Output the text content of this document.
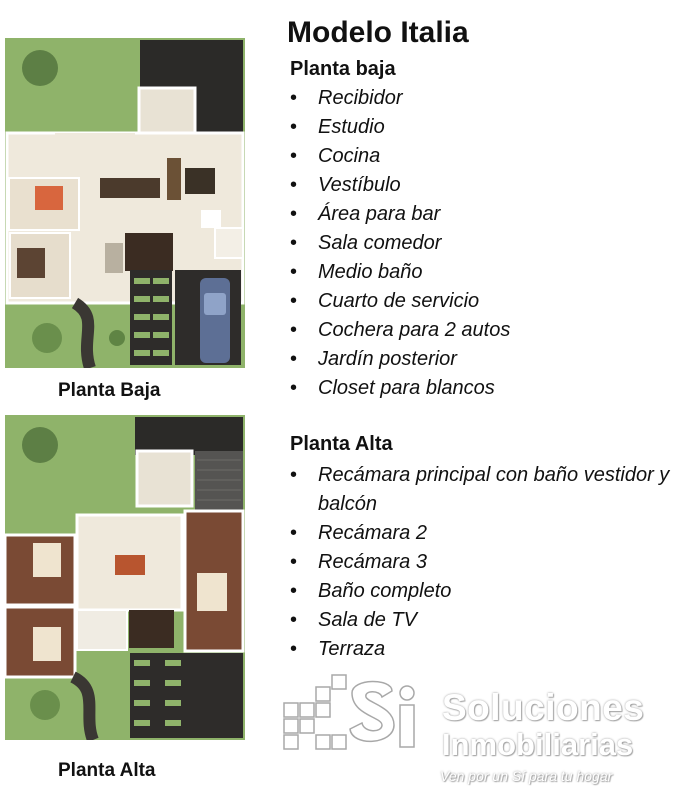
Modelo Italia
Planta Baja
Planta Alta
Planta baja
• Recibidor
• Estudio
• Cocina
• Vestíbulo
• Área para bar
• Sala comedor
• Medio baño
• Cuarto de servicio
• Cochera para 2 autos
• Jardín posterior
• Closet para blancos
Planta Alta
• Recámara principal con baño vestidor y balcón
• Recámara 2
• Recámara 3
• Baño completo
• Sala de TV
• Terraza
Soluciones
Inmobiliarias
Ven por un Sí para tu hogar
